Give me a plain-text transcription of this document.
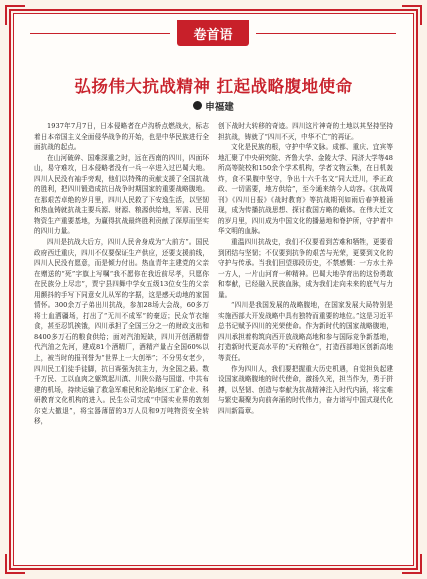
卷首语
弘扬伟大抗战精神 扛起战略腹地使命
申福建

1937年7月7日，日本侵略者在卢沟桥点燃战火，标志着日本帝国主义全面侵华战争的开始，也是中华民族进行全面抗战的起点。

在山河破碎、国难深重之时，远在西南的四川，四面环山，易守难攻，日本侵略者没有一兵一卒进入过巴蜀大地。四川人民没有袖手旁观，他们以特殊的贡献支援了全国抗战的胜利，把四川锻造成抗日战争时期国家的重要战略腹地。在那艰苦卓绝的岁月里，四川人民救了下安逸生活，以坚韧和热血铸就抗战主要兵源、财源、粮源供给地，军需、民用物资生产重要基地，为赢得抗战最终胜利贡献了深厚而坚实的四川力量。

四川是抗战大后方，四川人民舍身成为“大前方”。国民政府西迁重庆，四川不仅要保证生产供应，还要支援前线，四川人民没有愿意，而是倾力付出。热血青年主建党的父亲在赠送的“死”字旗上写嘱“我不愿你在我近前尽孝，只愿你在民族分上尽忠”，贾宁县四舞中学女五级13位女生的父亲用颤抖的手写下同意女儿从军的字据，这是感天动地的家国情怀。300余万子弟出川抗战，参加28场大会战，60多万将士血洒疆场，打出了“无川不成军”的豪迈；民众节衣缩食，甚至忍饥挨饿，四川承担了全国三分之一的财政支出和8400多万石的粮食供给；面对汽油短缺，四川开创酒精替代汽油之先河，建成81个酒精厂，酒精产量占全国60%以上，被当时的报刊誉为“世界上一大创举”；不分男女老少，四川民工们徒手徒脚，抗日赛强为抗主力，为全国之最。数千万民、工以血肉之躯筑起川滇、川陕公路与国道、中共布建的机场，持续运输了救急军难民和沦陷地区工矿企业、科研教育文化机构的进入。民生公司完成“中国实业界的敦刻尔克大撤退”，将宝器薄留的3万人员和9万吨物资安全转移，

创下战时大转移的奇迹。四川这片神奇的土地以其坚持坚持担抗战，铸就了“四川不灭，中华不亡”的再证。

文化是民族的根，守护中华文脉。成都、重庆、宜宾等地汇聚了中央研究院、齐鲁大学、金陵大学、同济大学等48所高等院校和150余个学术机构，学者文物云集，在日机轰炸，食不果腹中坚守，争出十六千名文“同大迁川，季正政政、一切需要，地方供给”，至今通来纳今人动容。《抗战周刊》《四川日报》《战时教育》等抗战期刊如雨后春笋般涌现，成为传播抗战思想、探讨救国方略的载体。在伟大迁文的岁月里，四川成为中国文化的播悬地和脊护所，守护着中华文明的血脉。

重温四川抗战史，我们不仅要看到苦难和牺牲，更要看到团结与坚韧；不仅要到抗争的艰苦与光荣，更要到文化的守护与传承。当我们回望那段历史，不禁感慨：一方水土养一方人，一片山河育一种精神。巴蜀大地孕育出的这份勇敢和奉献，已经融入民族血脉，成为我们走向未来的底气与力量。

“四川是我国发展的战略腹地，在国家发展大局特别是实施西部大开发战略中具有独特而重要的地位。”这是习近平总书记赋予四川的光荣使命。作为新时代的国家战略腹地，四川承担着构筑向西开放战略高地和参与国际竞争新基地，打造新时代更高水平的“天府粮仓”，打造西部地区创新高地等责任。

作为四川人，我们要把握重大历史机遇，自觉担负起建设国家战略腹地的时代使命，激扬久光，担当作为，勇于拼搏，以坚韧、创造与奉献为抗战精神注入时代内涵，将宝难与繁史凝聚为向前奔涌的时代伟力，奋力谱写中国式现代化四川新篇章。
